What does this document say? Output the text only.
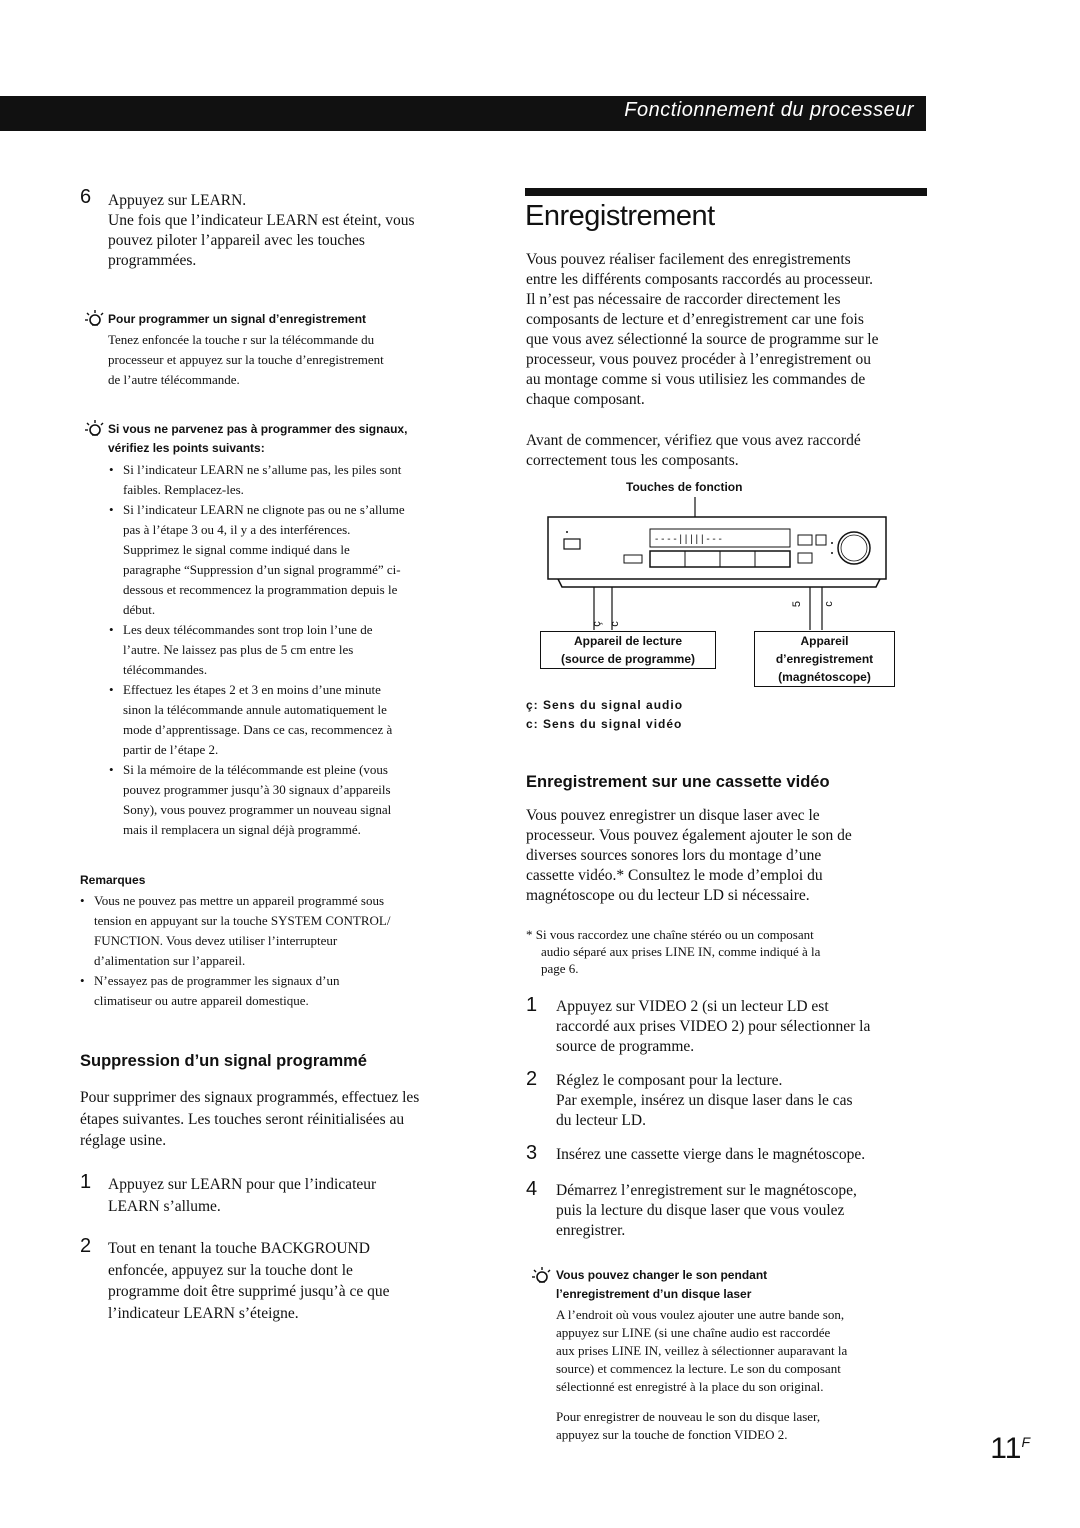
Fonctionnement du processeur
6 Appuyez sur LEARN.
Une fois que l’indicateur LEARN est éteint, vous
pouvez piloter l’appareil avec les touches
programmées.
Pour programmer un signal d’enregistrement
Tenez enfoncée la touche r sur la télécommande du
processeur et appuyez sur la touche d’enregistrement
de l’autre télécommande.
Si vous ne parvenez pas à programmer des signaux,
vérifiez les points suivants:
• Si l’indicateur LEARN ne s’allume pas, les piles sont
faibles. Remplacez-les.
• Si l’indicateur LEARN ne clignote pas ou ne s’allume
pas à l’étape 3 ou 4, il y a des interférences.
Supprimez le signal comme indiqué dans le
paragraphe “Suppression d’un signal programmé” ci-
dessous et recommencez la programmation depuis le
début.
• Les deux télécommandes sont trop loin l’une de
l’autre. Ne laissez pas plus de 5 cm entre les
télécommandes.
• Effectuez les étapes 2 et 3 en moins d’une minute
sinon la télécommande annule automatiquement le
mode d’apprentissage. Dans ce cas, recommencez à
partir de l’étape 2.
• Si la mémoire de la télécommande est pleine (vous
pouvez programmer jusqu’à 30 signaux d’appareils
Sony), vous pouvez programmer un nouveau signal
mais il remplacera un signal déjà programmé.
Remarques
• Vous ne pouvez pas mettre un appareil programmé sous
tension en appuyant sur la touche SYSTEM CONTROL/
FUNCTION. Vous devez utiliser l’interrupteur
d’alimentation sur l’appareil.
• N’essayez pas de programmer les signaux d’un
climatiseur ou autre appareil domestique.
Suppression d’un signal programmé
Pour supprimer des signaux programmés, effectuez les
étapes suivantes. Les touches seront réinitialisées au
réglage usine.
1 Appuyez sur LEARN pour que l’indicateur
LEARN s’allume.
2 Tout en tenant la touche BACKGROUND
enfoncée, appuyez sur la touche dont le
programme doit être supprimé jusqu’à ce que
l’indicateur LEARN s’éteigne.
Enregistrement
Vous pouvez réaliser facilement des enregistrements
entre les différents composants raccordés au processeur.
Il n’est pas nécessaire de raccorder directement les
composants de lecture et d’enregistrement car une fois
que vous avez sélectionné la source de programme sur le
processeur, vous pouvez procéder à l’enregistrement ou
au montage comme si vous utilisiez les commandes de
chaque composant.
Avant de commencer, vérifiez que vous avez raccordé
correctement tous les composants.
Touches de fonction
- - - - | | | | | - - -
ç c
5 c
Appareil de lecture
(source de programme)
Appareil
d’enregistrement
(magnétoscope)
ç: Sens du signal audio
c: Sens du signal vidéo
Enregistrement sur une cassette vidéo
Vous pouvez enregistrer un disque laser avec le
processeur. Vous pouvez également ajouter le son de
diverses sources sonores lors du montage d’une
cassette vidéo.* Consultez le mode d’emploi du
magnétoscope ou du lecteur LD si nécessaire.
* Si vous raccordez une chaîne stéréo ou un composant
audio séparé aux prises LINE IN, comme indiqué à la
page 6.
1 Appuyez sur VIDEO 2 (si un lecteur LD est
raccordé aux prises VIDEO 2) pour sélectionner la
source de programme.
2 Réglez le composant pour la lecture.
Par exemple, insérez un disque laser dans le cas
du lecteur LD.
3 Insérez une cassette vierge dans le magnétoscope.
4 Démarrez l’enregistrement sur le magnétoscope,
puis la lecture du disque laser que vous voulez
enregistrer.
Vous pouvez changer le son pendant
l’enregistrement d’un disque laser
A l’endroit où vous voulez ajouter une autre bande son,
appuyez sur LINE (si une chaîne audio est raccordée
aux prises LINE IN, veillez à sélectionner auparavant la
source) et commencez la lecture. Le son du composant
sélectionné est enregistré à la place du son original.
Pour enregistrer de nouveau le son du disque laser,
appuyez sur la touche de fonction VIDEO 2.	$11^F$
